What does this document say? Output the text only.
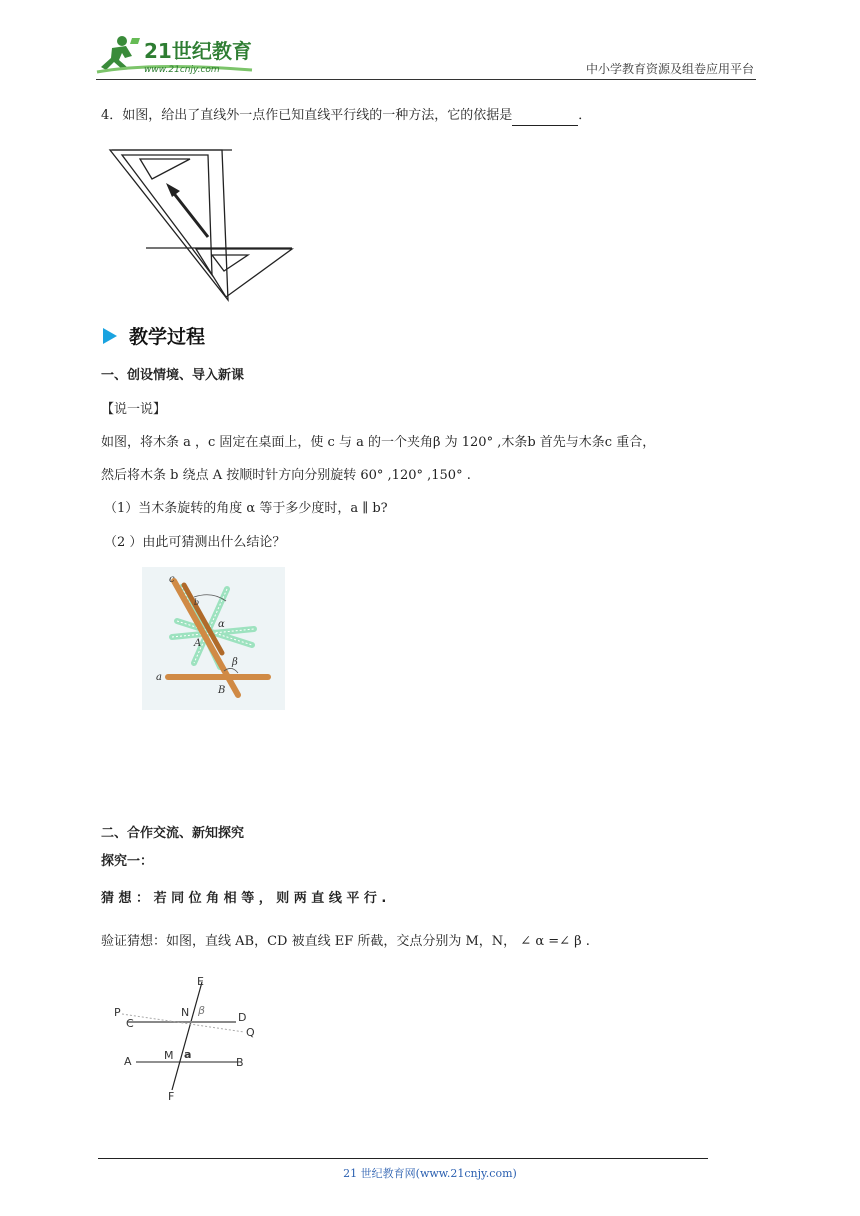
21世纪教育
www.21cnjy.com	中小学教育资源及组卷应用平台
4．如图，给出了直线外一点作已知直线平行线的一种方法，它的依据是	．
教学过程
一、创设情境、导入新课
【说一说】
如图，将木条 a ，c 固定在桌面上，使 c 与 a 的一个夹角β 为 120° ,木条b 首先与木条c 重合，
然后将木条 b 绕点 A 按顺时针方向分别旋转 60° ,120° ,150° .
（1）当木条旋转的角度 α 等于多少度时，a ∥ b?
（2 ）由此可猜测出什么结论？
c
b
α
A
β
a
B
二、合作交流、新知探究
探究一：
猜 想 ： 若 同 位 角 相 等 ， 则 两 直 线 平 行 .
验证猜想：如图，直线 AB，CD 被直线 EF 所截，交点分别为 M，N， ∠ α =∠ β .
E
P	N β
C	D
Q
A	M a
B
F
21 世纪教育网(www.21cnjy.com)
